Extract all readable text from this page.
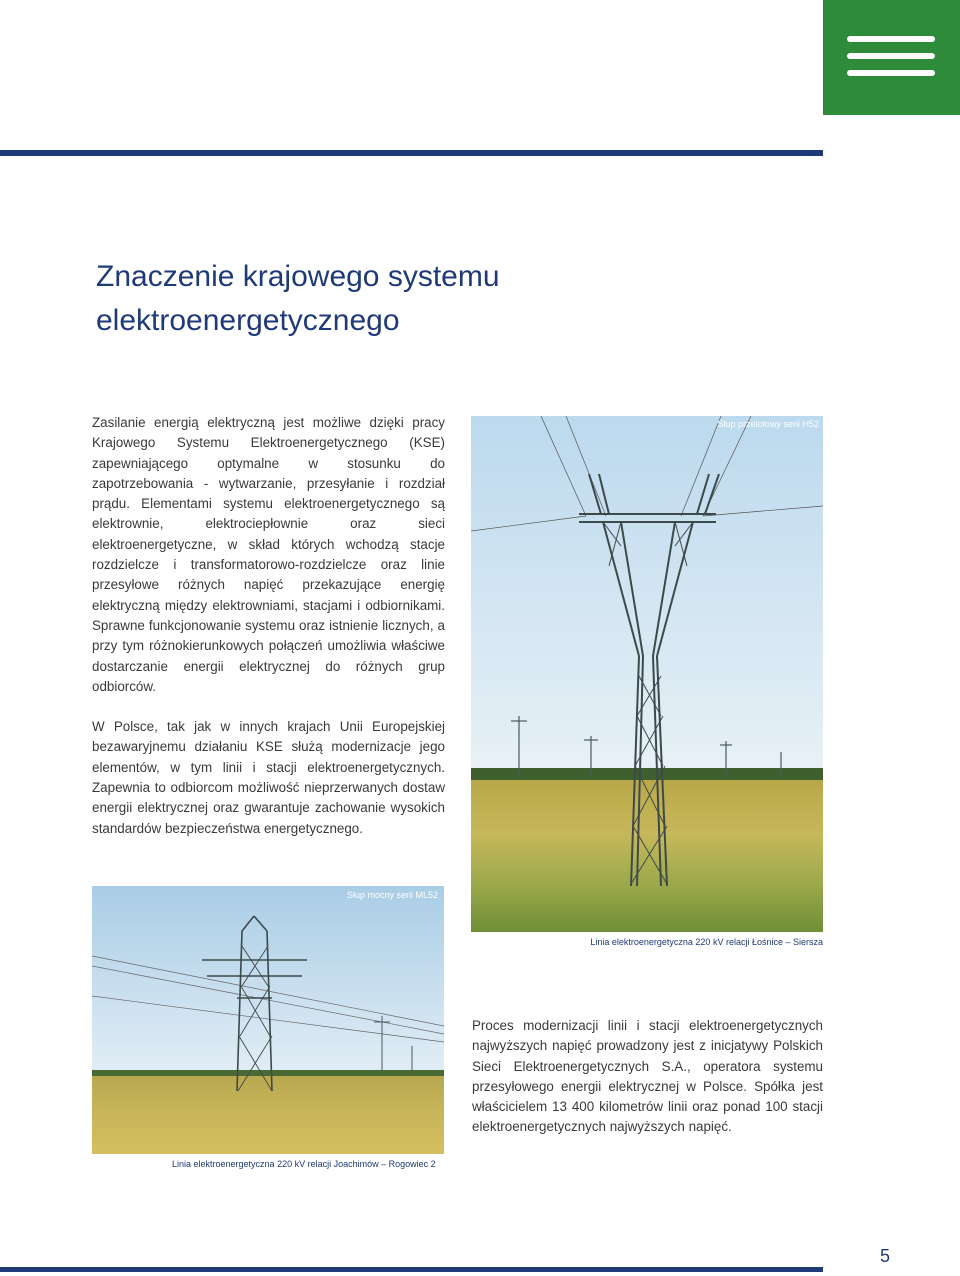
Znaczenie krajowego systemu
elektroenergetycznego

Zasilanie energią elektryczną jest możliwe dzięki pracy Krajowego Systemu Elektroenergetycznego (KSE) zapewniającego optymalne w stosunku do zapotrzebowania - wytwarzanie, przesyłanie i rozdział prądu. Elementami systemu elektroenergetycznego są elektrownie, elektrociepłownie oraz sieci elektroenergetyczne, w skład których wchodzą stacje rozdzielcze i transformatorowo-rozdzielcze oraz linie przesyłowe różnych napięć przekazujące energię elektryczną między elektrowniami, stacjami i odbiornikami. Sprawne funkcjonowanie systemu oraz istnienie licznych, a przy tym różnokierunkowych połączeń umożliwia właściwe dostarczanie energii elektrycznej do różnych grup odbiorców.

W Polsce, tak jak w innych krajach Unii Europejskiej bezawaryjnemu działaniu KSE służą modernizacje jego elementów, w tym linii i stacji elektroenergetycznych. Zapewnia to odbiorcom możliwość nieprzerwanych dostaw energii elektrycznej oraz gwarantuje zachowanie wysokich standardów bezpieczeństwa energetycznego.

Słup przelotowy serii H52
Linia elektroenergetyczna 220 kV relacji Łośnice – Siersza
Słup mocny serii ML52
Linia elektroenergetyczna 220 kV relacji Joachimów – Rogowiec 2
Proces modernizacji linii i stacji elektroenergetycznych najwyższych napięć prowadzony jest z inicjatywy Polskich Sieci Elektroenergetycznych S.A., operatora systemu przesyłowego energii elektrycznej w Polsce. Spółka jest właścicielem 13 400 kilometrów linii oraz ponad 100 stacji elektroenergetycznych najwyższych napięć.
5
